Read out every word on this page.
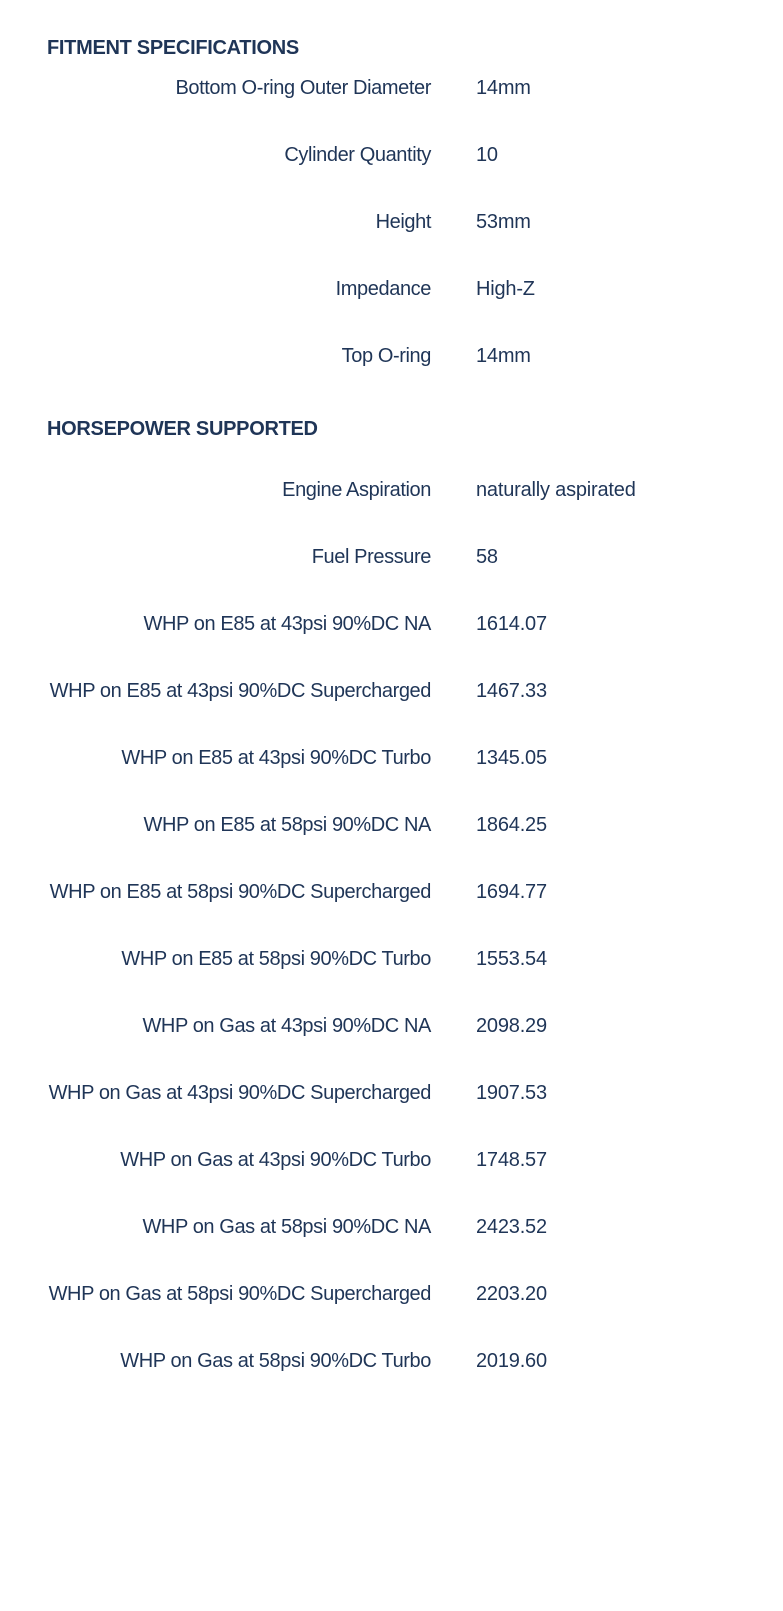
FITMENT SPECIFICATIONS
Bottom O-ring Outer Diameter 14mm
Cylinder Quantity 10
Height 53mm
Impedance High-Z
Top O-ring 14mm
HORSEPOWER SUPPORTED
Engine Aspiration naturally aspirated
Fuel Pressure 58
WHP on E85 at 43psi 90%DC NA 1614.07
WHP on E85 at 43psi 90%DC Supercharged 1467.33
WHP on E85 at 43psi 90%DC Turbo 1345.05
WHP on E85 at 58psi 90%DC NA 1864.25
WHP on E85 at 58psi 90%DC Supercharged 1694.77
WHP on E85 at 58psi 90%DC Turbo 1553.54
WHP on Gas at 43psi 90%DC NA 2098.29
WHP on Gas at 43psi 90%DC Supercharged 1907.53
WHP on Gas at 43psi 90%DC Turbo 1748.57
WHP on Gas at 58psi 90%DC NA 2423.52
WHP on Gas at 58psi 90%DC Supercharged 2203.20
WHP on Gas at 58psi 90%DC Turbo 2019.60
